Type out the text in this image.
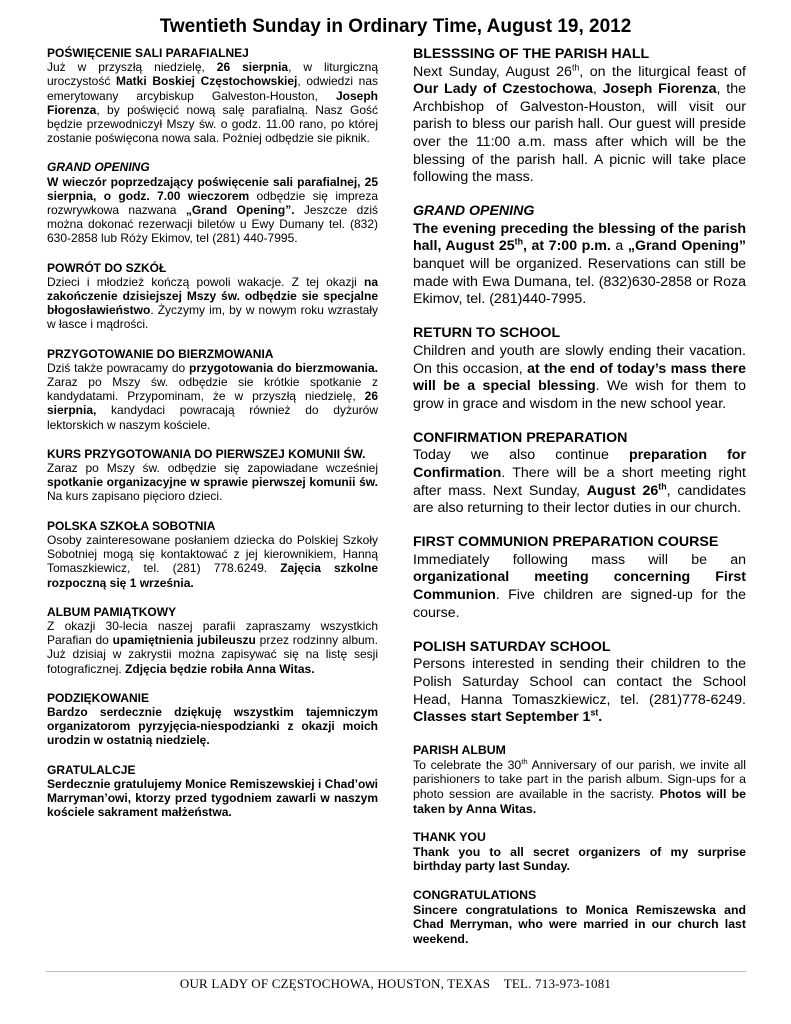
Twentieth Sunday in Ordinary Time, August 19, 2012
POŚWIĘCENIE SALI PARAFIALNEJ
Już w przyszłą niedzielę, 26 sierpnia, w liturgiczną uroczystość Matki Boskiej Częstochowskiej, odwiedzi nas emerytowany arcybiskup Galveston-Houston, Joseph Fiorenza, by poświęcić nową salę parafialną. Nasz Gość będzie przewodniczył Mszy św. o godz. 11.00 rano, po której zostanie poświęcona nowa sala. Pożniej odbędzie sie piknik.
GRAND OPENING
W wieczór poprzedzający poświęcenie sali parafialnej, 25 sierpnia, o godz. 7.00 wieczorem odbędzie się impreza rozwrywkowa nazwana „Grand Opening”. Jeszcze dziś można dokonać rezerwacji biletów u Ewy Dumany tel. (832) 630-2858 lub Róży Ekimov, tel (281) 440-7995.
POWRÓT DO SZKÓŁ
Dzieci i młodzież kończą powoli wakacje. Z tej okazji na zakończenie dzisiejszej Mszy św. odbędzie sie specjalne błogosławieństwo. Życzymy im, by w nowym roku wzrastały w łasce i mądrości.
PRZYGOTOWANIE DO BIERZMOWANIA
Dziś także powracamy do przygotowania do bierzmowania. Zaraz po Mszy św. odbędzie sie krótkie spotkanie z kandydatami. Przypominam, że w przyszłą niedzielę, 26 sierpnia, kandydaci powracają również do dyżurów lektorskich w naszym kościele.
KURS PRZYGOTOWANIA DO PIERWSZEJ KOMUNII ŚW.
Zaraz po Mszy św. odbędzie się zapowiadane wcześniej spotkanie organizacyjne w sprawie pierwszej komunii św. Na kurs zapisano pięcioro dzieci.
POLSKA SZKOŁA SOBOTNIA
Osoby zainteresowane posłaniem dziecka do Polskiej Szkoły Sobotniej mogą się kontaktować z jej kierownikiem, Hanną Tomaszkiewicz, tel. (281) 778.6249. Zajęcia szkolne rozpoczną się 1 września.
ALBUM PAMIĄTKOWY
Z okazji 30-lecia naszej parafii zapraszamy wszystkich Parafian do upamiętnienia jubileuszu przez rodzinny album. Już dzisiaj w zakrystii można zapisywać się na listę sesji fotograficznej. Zdjęcia będzie robiła Anna Witas.
PODZIĘKOWANIE
Bardzo serdecznie dziękuję wszystkim tajemniczym organizatorom pyrzyjęcia-niespodzianki z okazji moich urodzin w ostatnią niedzielę.
GRATULALCJE
Serdecznie gratulujemy Monice Remiszewskiej i Chad’owi Marryman’owi, ktorzy przed tygodniem zawarli w naszym kościele sakrament małżeństwa.
BLESSSING OF THE PARISH HALL
Next Sunday, August 26th, on the liturgical feast of Our Lady of Czestochowa, Joseph Fiorenza, the Archbishop of Galveston-Houston, will visit our parish to bless our parish hall. Our guest will preside over the 11:00 a.m. mass after which will be the blessing of the parish hall. A picnic will take place following the mass.
GRAND OPENING
The evening preceding the blessing of the parish hall, August 25th, at 7:00 p.m. a „Grand Opening” banquet will be organized. Reservations can still be made with Ewa Dumana, tel. (832)630-2858 or Roza Ekimov, tel. (281)440-7995.
RETURN TO SCHOOL
Children and youth are slowly ending their vacation. On this occasion, at the end of today’s mass there will be a special blessing. We wish for them to grow in grace and wisdom in the new school year.
CONFIRMATION PREPARATION
Today we also continue preparation for Confirmation. There will be a short meeting right after mass. Next Sunday, August 26th, candidates are also returning to their lector duties in our church.
FIRST COMMUNION PREPARATION COURSE
Immediately following mass will be an organizational meeting concerning First Communion. Five children are signed-up for the course.
POLISH SATURDAY SCHOOL
Persons interested in sending their children to the Polish Saturday School can contact the School Head, Hanna Tomaszkiewicz, tel. (281)778-6249. Classes start September 1st.
PARISH ALBUM
To celebrate the 30th Anniversary of our parish, we invite all parishioners to take part in the parish album. Sign-ups for a photo session are available in the sacristy. Photos will be taken by Anna Witas.
THANK YOU
Thank you to all secret organizers of my surprise birthday party last Sunday.
CONGRATULATIONS
Sincere congratulations to Monica Remiszewska and Chad Merryman, who were married in our church last weekend.
OUR LADY OF CZĘSTOCHOWA, HOUSTON, TEXAS    TEL. 713-973-1081
